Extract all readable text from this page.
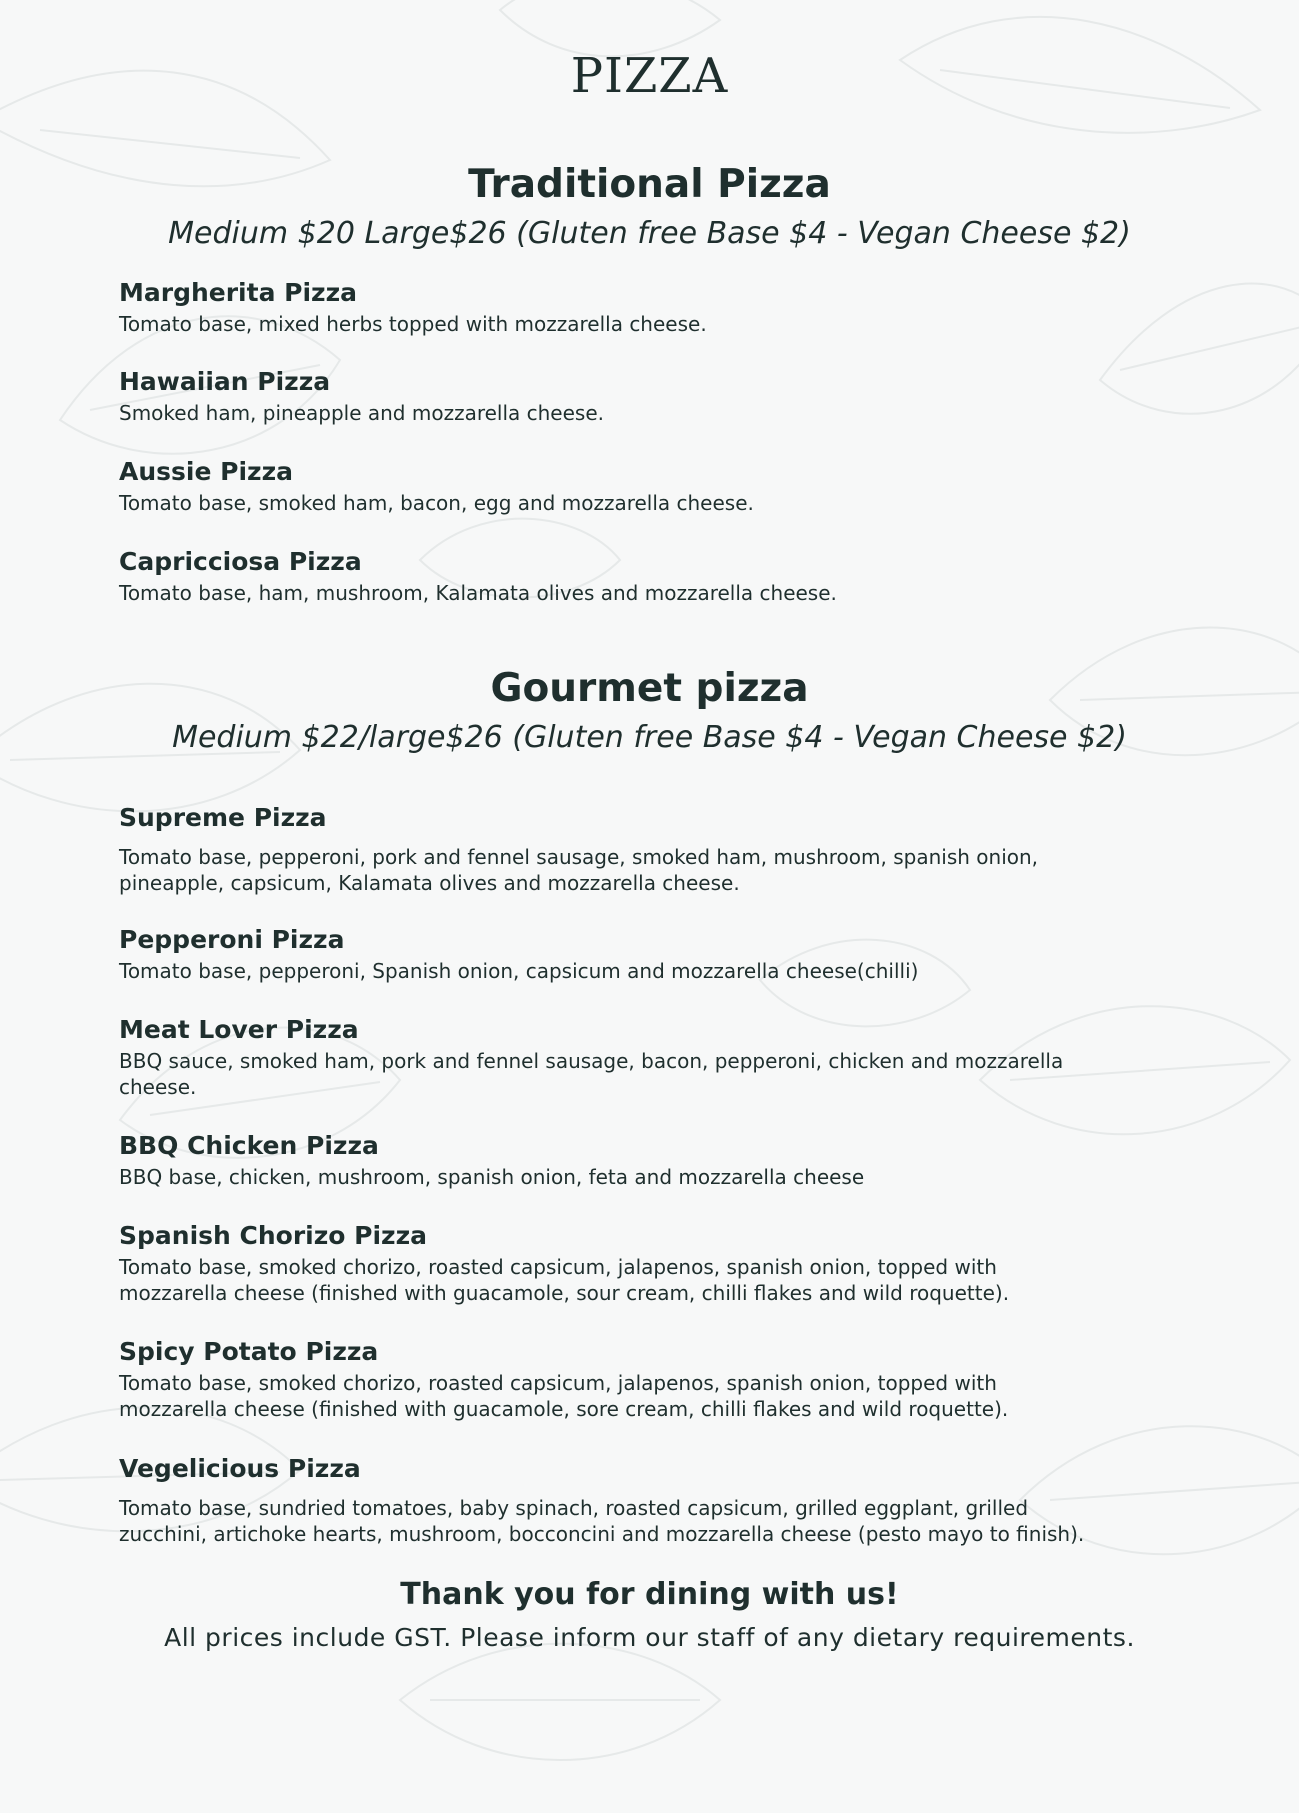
PIZZA
Traditional Pizza

Medium $20 Large$26 (Gluten free Base $4 - Vegan Cheese $2)

Margherita Pizza

Tomato base, mixed herbs topped with mozzarella cheese.

Hawaiian Pizza

Smoked ham, pineapple and mozzarella cheese.

Aussie Pizza

Tomato base, smoked ham, bacon, egg and mozzarella cheese.

Capricciosa Pizza

Tomato base, ham, mushroom, Kalamata olives and mozzarella cheese.

Gourmet pizza

Medium $22/large$26 (Gluten free Base $4 - Vegan Cheese $2)

Supreme Pizza

Tomato base, pepperoni, pork and fennel sausage, smoked ham, mushroom, spanish onion,
pineapple, capsicum, Kalamata olives and mozzarella cheese.

Pepperoni Pizza

Tomato base, pepperoni, Spanish onion, capsicum and mozzarella cheese(chilli)

Meat Lover Pizza

BBQ sauce, smoked ham, pork and fennel sausage, bacon, pepperoni, chicken and mozzarella
cheese.

BBQ Chicken Pizza

BBQ base, chicken, mushroom, spanish onion, feta and mozzarella cheese

Spanish Chorizo Pizza

Tomato base, smoked chorizo, roasted capsicum, jalapenos, spanish onion, topped with
mozzarella cheese (finished with guacamole, sour cream, chilli flakes and wild roquette).

Spicy Potato Pizza

Tomato base, smoked chorizo, roasted capsicum, jalapenos, spanish onion, topped with
mozzarella cheese (finished with guacamole, sore cream, chilli flakes and wild roquette).

Vegelicious Pizza

Tomato base, sundried tomatoes, baby spinach, roasted capsicum, grilled eggplant, grilled
zucchini, artichoke hearts, mushroom, bocconcini and mozzarella cheese (pesto mayo to finish).

Thank you for dining with us!

All prices include GST. Please inform our staff of any dietary requirements.
